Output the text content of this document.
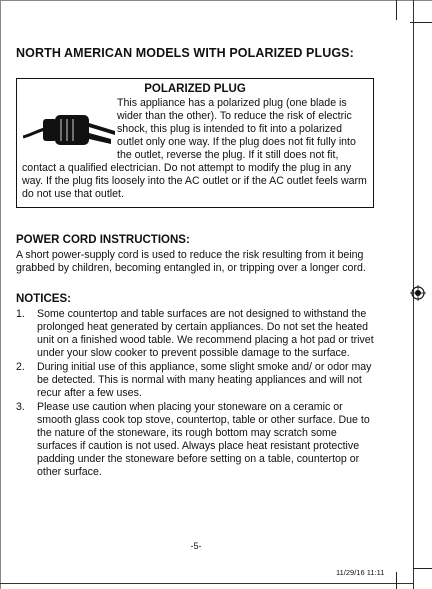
NORTH AMERICAN MODELS WITH POLARIZED PLUGS:
POLARIZED PLUG
This appliance has a polarized plug (one blade is wider than the other). To reduce the risk of electric shock, this plug is intended to fit into a polarized outlet only one way. If the plug does not fit fully into the outlet, reverse the plug. If it still does not fit, contact a qualified electrician. Do not attempt to modify the plug in any way. If the plug fits loosely into the AC outlet or if the AC outlet feels warm do not use that outlet.
POWER CORD INSTRUCTIONS:
A short power-supply cord is used to reduce the risk resulting from it being grabbed by children, becoming entangled in, or tripping over a longer cord.
NOTICES:
1.	Some countertop and table surfaces are not designed to withstand the prolonged heat generated by certain appliances. Do not set the heated unit on a finished wood table. We recommend placing a hot pad or trivet under your slow cooker to prevent possible damage to the surface.
2.	During initial use of this appliance, some slight smoke and/ or odor may be detected. This is normal with many heating appliances and will not recur after a few uses.
3.	Please use caution when placing your stoneware on a ceramic or smooth glass cook top stove, countertop, table or other surface. Due to the nature of the stoneware, its rough bottom may scratch some surfaces if caution is not used. Always place heat resistant protective padding under the stoneware before setting on a table, countertop or other surface.
-5-
11/29/16 11:11
